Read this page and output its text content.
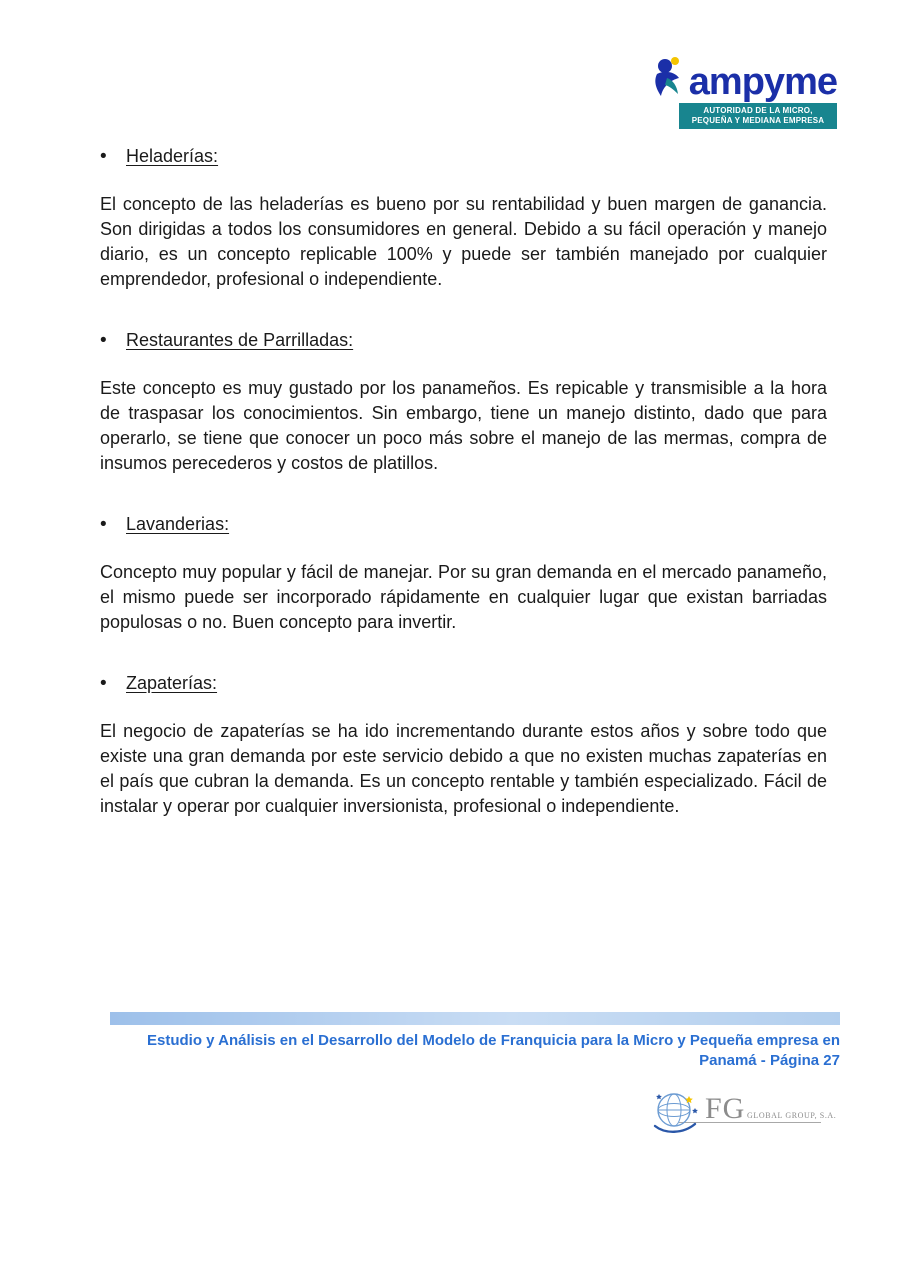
ampyme
AUTORIDAD DE LA MICRO,
PEQUEÑA Y MEDIANA EMPRESA
•	Heladerías:

El concepto de las heladerías es bueno por su rentabilidad y buen margen de ganancia. Son dirigidas a todos los consumidores en general. Debido a su fácil operación y manejo diario, es un concepto replicable 100% y puede ser también manejado por cualquier emprendedor, profesional o independiente.

•	Restaurantes de Parrilladas:

Este concepto es muy gustado por los panameños. Es repicable y transmisible a la hora de traspasar los conocimientos. Sin embargo, tiene un manejo distinto, dado que para operarlo, se tiene que conocer un poco más sobre el manejo de las mermas, compra de insumos perecederos y costos de platillos.

•	Lavanderias:

Concepto muy popular y fácil de manejar. Por su gran demanda en el mercado panameño, el mismo puede ser incorporado rápidamente en cualquier lugar que existan barriadas populosas o no. Buen concepto para invertir.

•	Zapaterías:

El negocio de zapaterías se ha ido incrementando durante estos años y sobre todo que existe una gran demanda por este servicio debido a que no existen muchas zapaterías en el país que cubran la demanda. Es un concepto rentable y también especializado. Fácil de instalar y operar por cualquier inversionista, profesional o independiente.

Estudio y Análisis en el Desarrollo del Modelo de Franquicia para la Micro y Pequeña empresa en
Panamá - Página 27
FG GLOBAL GROUP, S.A.
